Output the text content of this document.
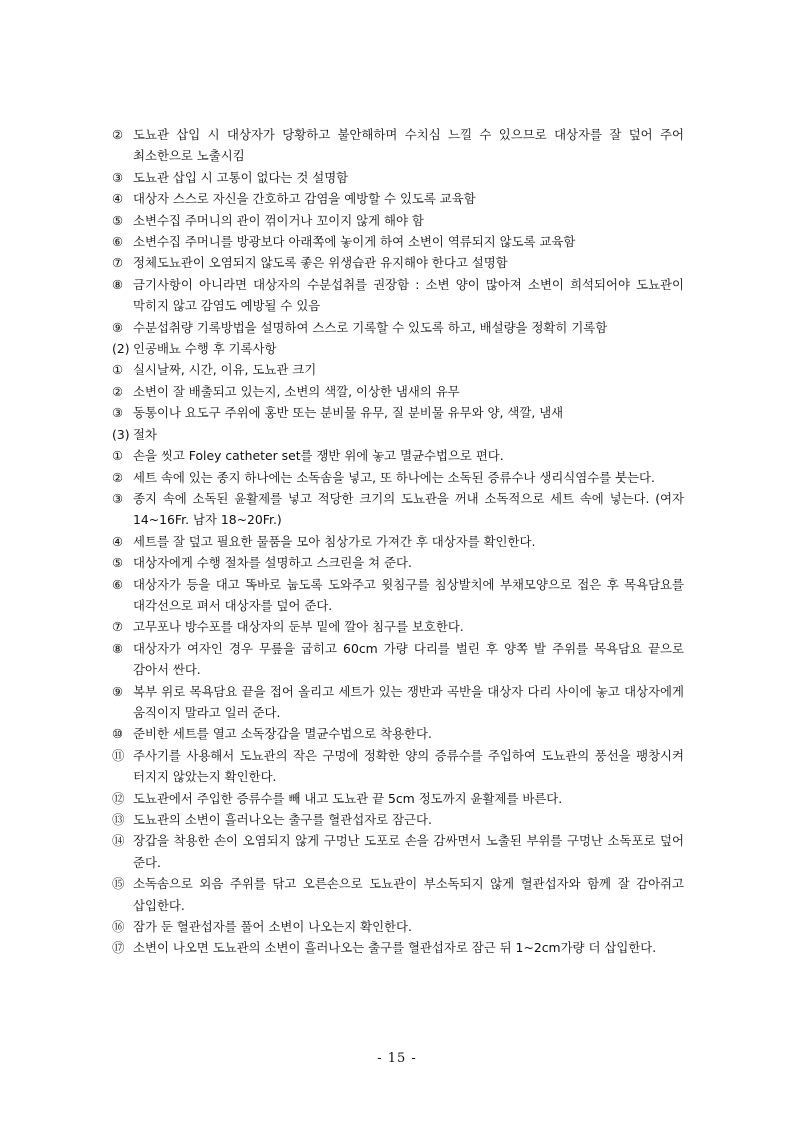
② 도뇨관 삽입 시 대상자가 당황하고 불안해하며 수치심 느낄 수 있으므로 대상자를 잘 덮어 주어 최소한으로 노출시킴
③ 도뇨관 삽입 시 고통이 없다는 것 설명함
④ 대상자 스스로 자신을 간호하고 감염을 예방할 수 있도록 교육함
⑤ 소변수집 주머니의 관이 꺾이거나 꼬이지 않게 해야 함
⑥ 소변수집 주머니를 방광보다 아래쪽에 놓이게 하여 소변이 역류되지 않도록 교육함
⑦ 정체도뇨관이 오염되지 않도록 좋은 위생습관 유지해야 한다고 설명함
⑧ 금기사항이 아니라면 대상자의 수분섭취를 권장함 : 소변 양이 많아져 소변이 희석되어야 도뇨관이 막히지 않고 감염도 예방될 수 있음
⑨ 수분섭취량 기록방법을 설명하여 스스로 기록할 수 있도록 하고, 배설량을 정확히 기록함
(2) 인공배뇨 수행 후 기록사항
① 실시날짜, 시간, 이유, 도뇨관 크기
② 소변이 잘 배출되고 있는지, 소변의 색깔, 이상한 냄새의 유무
③ 동통이나 요도구 주위에 홍반 또는 분비물 유무, 질 분비물 유무와 양, 색깔, 냄새
(3) 절차
① 손을 씻고 Foley catheter set를 쟁반 위에 놓고 멸균수법으로 편다.
② 세트 속에 있는 종지 하나에는 소독솜을 넣고, 또 하나에는 소독된 증류수나 생리식염수를 붓는다.
③ 종지 속에 소독된 윤활제를 넣고 적당한 크기의 도뇨관을 꺼내 소독적으로 세트 속에 넣는다. (여자 14~16Fr. 남자 18~20Fr.)
④ 세트를 잘 덮고 필요한 물품을 모아 침상가로 가져간 후 대상자를 확인한다.
⑤ 대상자에게 수행 절차를 설명하고 스크린을 쳐 준다.
⑥ 대상자가 등을 대고 똑바로 눕도록 도와주고 윗침구를 침상발치에 부채모양으로 접은 후 목욕담요를 대각선으로 펴서 대상자를 덮어 준다.
⑦ 고무포나 방수포를 대상자의 둔부 밑에 깔아 침구를 보호한다.
⑧ 대상자가 여자인 경우 무릎을 굽히고 60cm 가량 다리를 벌린 후 양쪽 발 주위를 목욕담요 끝으로 감아서 싼다.
⑨ 복부 위로 목욕담요 끝을 접어 올리고 세트가 있는 쟁반과 곡반을 대상자 다리 사이에 놓고 대상자에게 움직이지 말라고 일러 준다.
⑩ 준비한 세트를 열고 소독장갑을 멸균수법으로 착용한다.
⑪ 주사기를 사용해서 도뇨관의 작은 구멍에 정확한 양의 증류수를 주입하여 도뇨관의 풍선을 팽창시켜 터지지 않았는지 확인한다.
⑫ 도뇨관에서 주입한 증류수를 빼 내고 도뇨관 끝 5cm 정도까지 윤활제를 바른다.
⑬ 도뇨관의 소변이 흘러나오는 출구를 혈관섭자로 잠근다.
⑭ 장갑을 착용한 손이 오염되지 않게 구멍난 도포로 손을 감싸면서 노출된 부위를 구멍난 소독포로 덮어 준다.
⑮ 소독솜으로 외음 주위를 닦고 오른손으로 도뇨관이 부소독되지 않게 혈관섭자와 함께 잘 감아쥐고 삽입한다.
⑯ 잠가 둔 혈관섭자를 풀어 소변이 나오는지 확인한다.
⑰ 소변이 나오면 도뇨관의 소변이 흘러나오는 출구를 혈관섭자로 잠근 뒤 1~2cm가량 더 삽입한다.
- 15 -
